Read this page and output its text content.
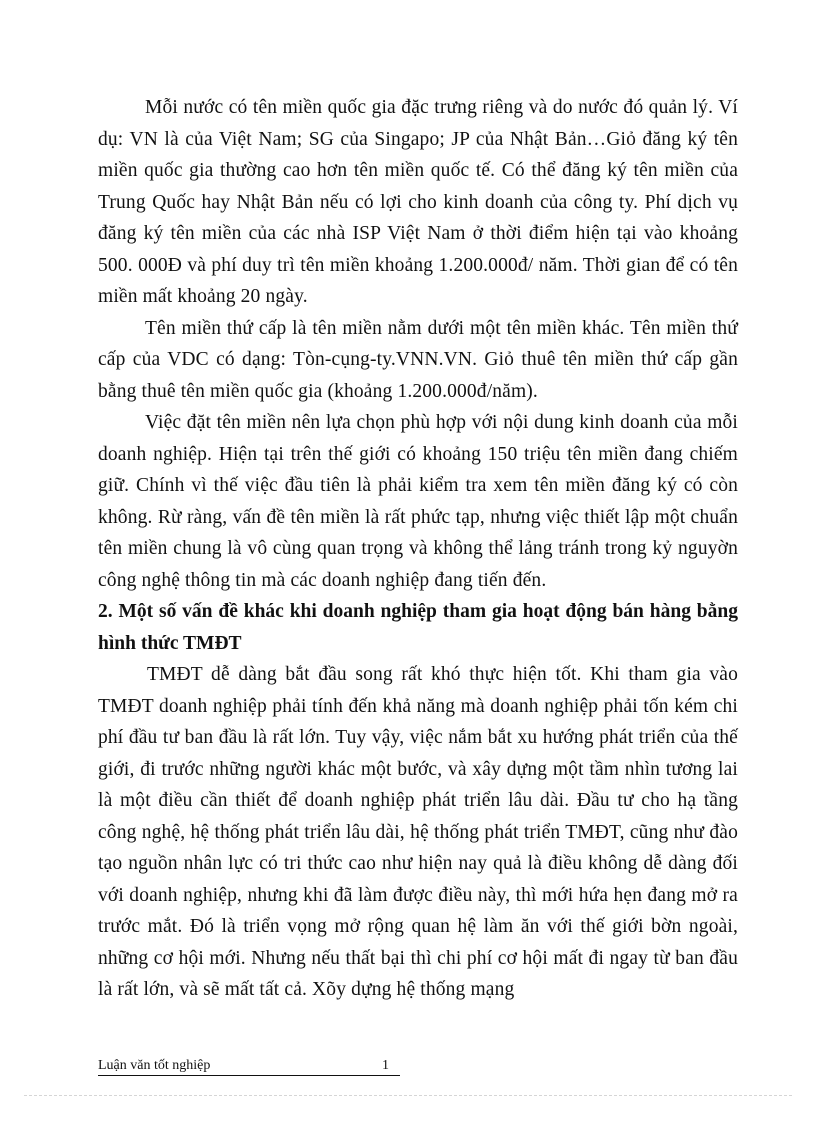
Mỗi nước có tên miền quốc gia đặc trưng riêng và do nước đó quản lý. Ví dụ: VN là của Việt Nam; SG của Singapo; JP của Nhật Bản…Giỏ đăng ký tên miền quốc gia thường cao hơn tên miền quốc tế. Có thể đăng ký tên miền của Trung Quốc hay Nhật Bản nếu có lợi cho kinh doanh của công ty. Phí dịch vụ đăng ký tên miền của các nhà ISP Việt Nam ở thời điểm hiện tại vào khoảng 500. 000Đ và phí duy trì tên miền khoảng 1.200.000đ/ năm. Thời gian để có tên miền mất khoảng 20 ngày.

Tên miền thứ cấp là tên miền nằm dưới một tên miền khác. Tên miền thứ cấp của VDC có dạng: Tòn-cụng-ty.VNN.VN. Giỏ thuê tên miền thứ cấp gần bằng thuê tên miền quốc gia (khoảng 1.200.000đ/năm).

Việc đặt tên miền nên lựa chọn phù hợp với nội dung kinh doanh của mỗi doanh nghiệp. Hiện tại trên thế giới có khoảng 150 triệu tên miền đang chiếm giữ. Chính vì thế việc đầu tiên là phải kiểm tra xem tên miền đăng ký có còn không. Rừ ràng, vấn đề tên miền là rất phức tạp, nhưng việc thiết lập một chuẩn tên miền chung là vô cùng quan trọng và không thể lảng tránh trong kỷ nguyờn công nghệ thông tin mà các doanh nghiệp đang tiến đến.

2. Một số vấn đề khác khi doanh nghiệp tham gia hoạt động bán hàng bằng hình thức TMĐT

TMĐT dễ dàng bắt đầu song rất khó thực hiện tốt. Khi tham gia vào TMĐT doanh nghiệp phải tính đến khả năng mà doanh nghiệp phải tốn kém chi phí đầu tư ban đầu là rất lớn. Tuy vậy, việc nắm bắt xu hướng phát triển của thế giới, đi trước những người khác một bước, và xây dựng một tầm nhìn tương lai là một điều cần thiết để doanh nghiệp phát triển lâu dài. Đầu tư cho hạ tầng công nghệ, hệ thống phát triển lâu dài, hệ thống phát triển TMĐT, cũng như đào tạo nguồn nhân lực có tri thức cao như hiện nay quả là điều không dễ dàng đối với doanh nghiệp, nhưng khi đã làm được điều này, thì mới hứa hẹn đang mở ra trước mắt. Đó là triển vọng mở rộng quan hệ làm ăn với thế giới bờn ngoài, những cơ hội mới. Nhưng nếu thất bại thì chi phí cơ hội mất đi ngay từ ban đầu là rất lớn, và sẽ mất tất cả. Xõy dựng hệ thống mạng

Luận văn tốt nghiệp	1
